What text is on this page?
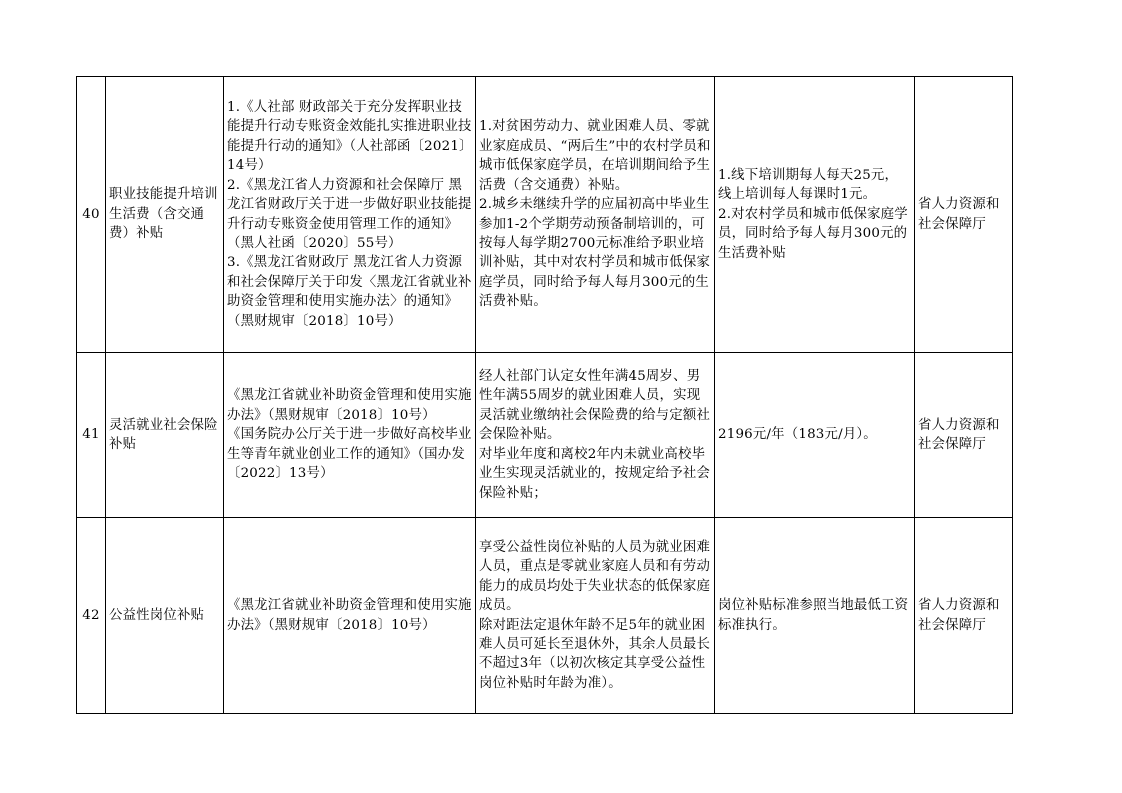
40	职业技能提升培训生活费（含交通费）补贴	1.《人社部 财政部关于充分发挥职业技能提升行动专账资金效能扎实推进职业技能提升行动的通知》（人社部函〔2021〕14号）
2.《黑龙江省人力资源和社会保障厅 黑龙江省财政厅关于进一步做好职业技能提升行动专账资金使用管理工作的通知》（黑人社函〔2020〕55号）
3.《黑龙江省财政厅 黑龙江省人力资源和社会保障厅关于印发〈黑龙江省就业补助资金管理和使用实施办法〉的通知》（黑财规审〔2018〕10号）	1.对贫困劳动力、就业困难人员、零就业家庭成员、“两后生”中的农村学员和城市低保家庭学员，在培训期间给予生活费（含交通费）补贴。
2.城乡未继续升学的应届初高中毕业生参加1-2个学期劳动预备制培训的，可按每人每学期2700元标准给予职业培训补贴，其中对农村学员和城市低保家庭学员，同时给予每人每月300元的生活费补贴。	1.线下培训期每人每天25元，线上培训每人每课时1元。
2.对农村学员和城市低保家庭学员，同时给予每人每月300元的生活费补贴	省人力资源和社会保障厅
41	灵活就业社会保险补贴	《黑龙江省就业补助资金管理和使用实施办法》（黑财规审〔2018〕10号）
《国务院办公厅关于进一步做好高校毕业生等青年就业创业工作的通知》（国办发〔2022〕13号）	经人社部门认定女性年满45周岁、男性年满55周岁的就业困难人员，实现灵活就业缴纳社会保险费的给与定额社会保险补贴。
对毕业年度和离校2年内未就业高校毕业生实现灵活就业的，按规定给予社会保险补贴；	2196元/年（183元/月）。	省人力资源和社会保障厅
42	公益性岗位补贴	《黑龙江省就业补助资金管理和使用实施办法》（黑财规审〔2018〕10号）	享受公益性岗位补贴的人员为就业困难人员，重点是零就业家庭人员和有劳动能力的成员均处于失业状态的低保家庭成员。
除对距法定退休年龄不足5年的就业困难人员可延长至退休外，其余人员最长不超过3年（以初次核定其享受公益性岗位补贴时年龄为准）。	岗位补贴标准参照当地最低工资标准执行。	省人力资源和社会保障厅
